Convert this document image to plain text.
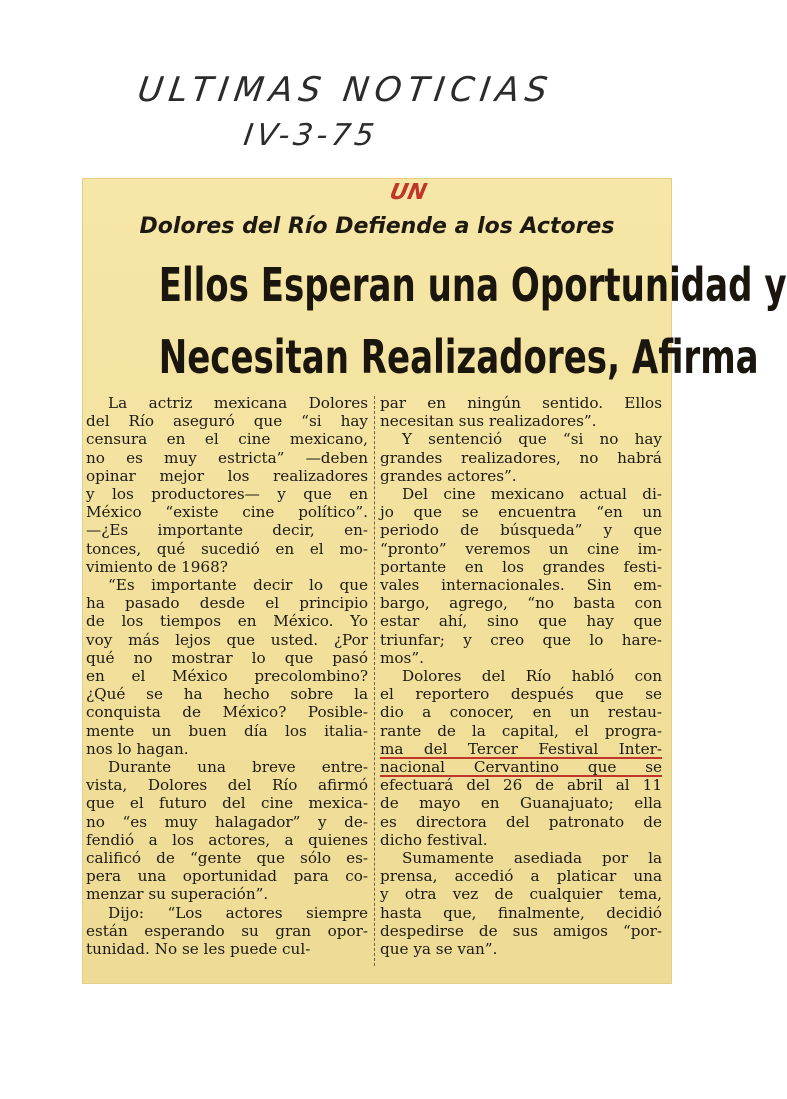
ULTIMAS NOTICIAS
IV-3-75
UN
Dolores del Río Defiende a los Actores
Ellos Esperan una Oportunidad y
Necesitan Realizadores, Afirma
La actriz mexicana Dolores
del Río aseguró que “si hay
censura en el cine mexicano,
no es muy estricta” —deben
opinar mejor los realizadores
y los productores— y que en
México “existe cine político”.
—¿Es importante decir, en-
tonces, qué sucedió en el mo-
vimiento de 1968?
“Es importante decir lo que
ha pasado desde el principio
de los tiempos en México. Yo
voy más lejos que usted. ¿Por
qué no mostrar lo que pasó
en el México precolombino?
¿Qué se ha hecho sobre la
conquista de México? Posible-
mente un buen día los italia-
nos lo hagan.
Durante una breve entre-
vista, Dolores del Río afirmó
que el futuro del cine mexica-
no “es muy halagador” y de-
fendió a los actores, a quienes
calificó de “gente que sólo es-
pera una oportunidad para co-
menzar su superación”.
Dijo: “Los actores siempre
están esperando su gran opor-
tunidad. No se les puede cul-
par en ningún sentido. Ellos
necesitan sus realizadores”.
Y sentenció que “si no hay
grandes realizadores, no habrá
grandes actores”.
Del cine mexicano actual di-
jo que se encuentra “en un
periodo de búsqueda” y que
“pronto” veremos un cine im-
portante en los grandes festi-
vales internacionales. Sin em-
bargo, agrego, “no basta con
estar ahí, sino que hay que
triunfar; y creo que lo hare-
mos”.
Dolores del Río habló con
el reportero después que se
dio a conocer, en un restau-
rante de la capital, el progra-
ma del Tercer Festival Inter-
nacional Cervantino que se
efectuará del 26 de abril al 11
de mayo en Guanajuato; ella
es directora del patronato de
dicho festival.
Sumamente asediada por la
prensa, accedió a platicar una
y otra vez de cualquier tema,
hasta que, finalmente, decidió
despedirse de sus amigos “por-
que ya se van”.
